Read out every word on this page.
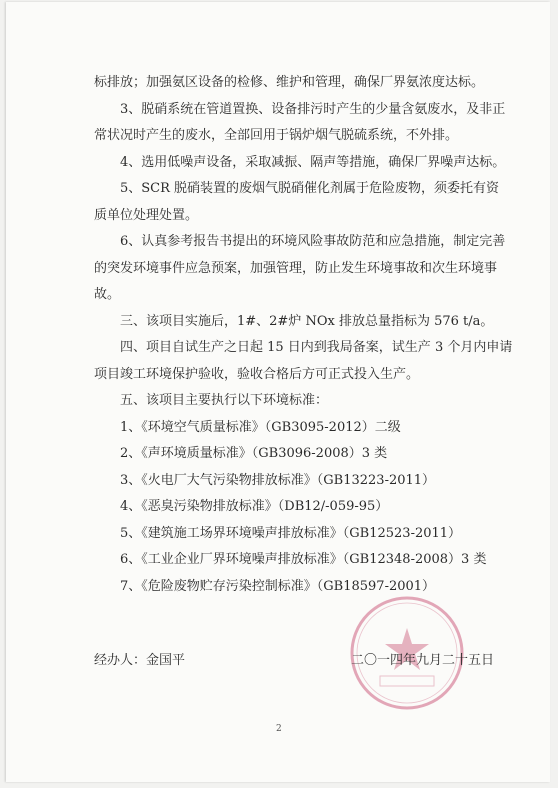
标排放；加强氨区设备的检修、维护和管理，确保厂界氨浓度达标。
3、脱硝系统在管道置换、设备排污时产生的少量含氨废水，及非正
常状况时产生的废水，全部回用于锅炉烟气脱硫系统，不外排。
4、选用低噪声设备，采取减振、隔声等措施，确保厂界噪声达标。
5、SCR 脱硝装置的废烟气脱硝催化剂属于危险废物，须委托有资
质单位处理处置。
6、认真参考报告书提出的环境风险事故防范和应急措施，制定完善
的突发环境事件应急预案，加强管理，防止发生环境事故和次生环境事
故。
三、该项目实施后，1#、2#炉 NOx 排放总量指标为 576 t/a。
四、项目自试生产之日起 15 日内到我局备案，试生产 3 个月内申请
项目竣工环境保护验收，验收合格后方可正式投入生产。
五、该项目主要执行以下环境标准：
1、《环境空气质量标准》（GB3095-2012）二级
2、《声环境质量标准》（GB3096-2008）3 类
3、《火电厂大气污染物排放标准》（GB13223-2011）
4、《恶臭污染物排放标准》（DB12/-059-95）
5、《建筑施工场界环境噪声排放标准》（GB12523-2011）
6、《工业企业厂界环境噪声排放标准》（GB12348-2008）3 类
7、《危险废物贮存污染控制标准》（GB18597-2001）
经办人：金国平	二〇一四年九月二十五日
2
